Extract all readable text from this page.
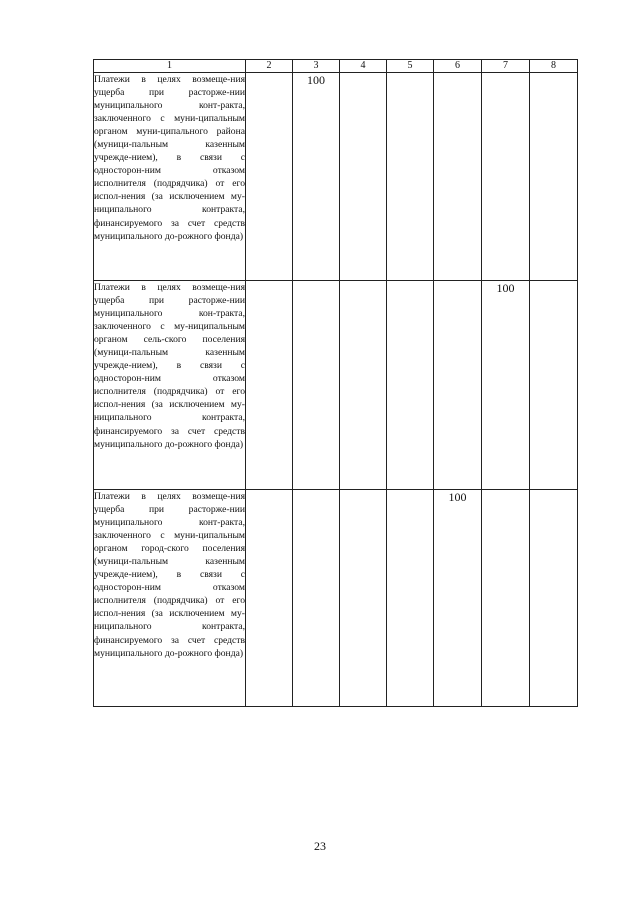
1	2	3	4	5	6	7	8
Платежи в целях возмеще-ния ущерба при расторже-нии муниципального конт-ракта, заключенного с муни-ципальным органом муни-ципального района (муници-пальным казенным учрежде-нием), в связи с односторон-ним отказом исполнителя (подрядчика) от его испол-нения (за исключением му-ниципального контракта, финансируемого за счет средств муниципального до-рожного фонда)		100					
Платежи в целях возмеще-ния ущерба при расторже-нии муниципального кон-тракта, заключенного с му-ниципальным органом сель-ского поселения (муници-пальным казенным учрежде-нием), в связи с односторон-ним отказом исполнителя (подрядчика) от его испол-нения (за исключением му-ниципального контракта, финансируемого за счет средств муниципального до-рожного фонда)						100	
Платежи в целях возмеще-ния ущерба при расторже-нии муниципального конт-ракта, заключенного с муни-ципальным органом город-ского поселения (муници-пальным казенным учрежде-нием), в связи с односторон-ним отказом исполнителя (подрядчика) от его испол-нения (за исключением му-ниципального контракта, финансируемого за счет средств муниципального до-рожного фонда)					100		
23
